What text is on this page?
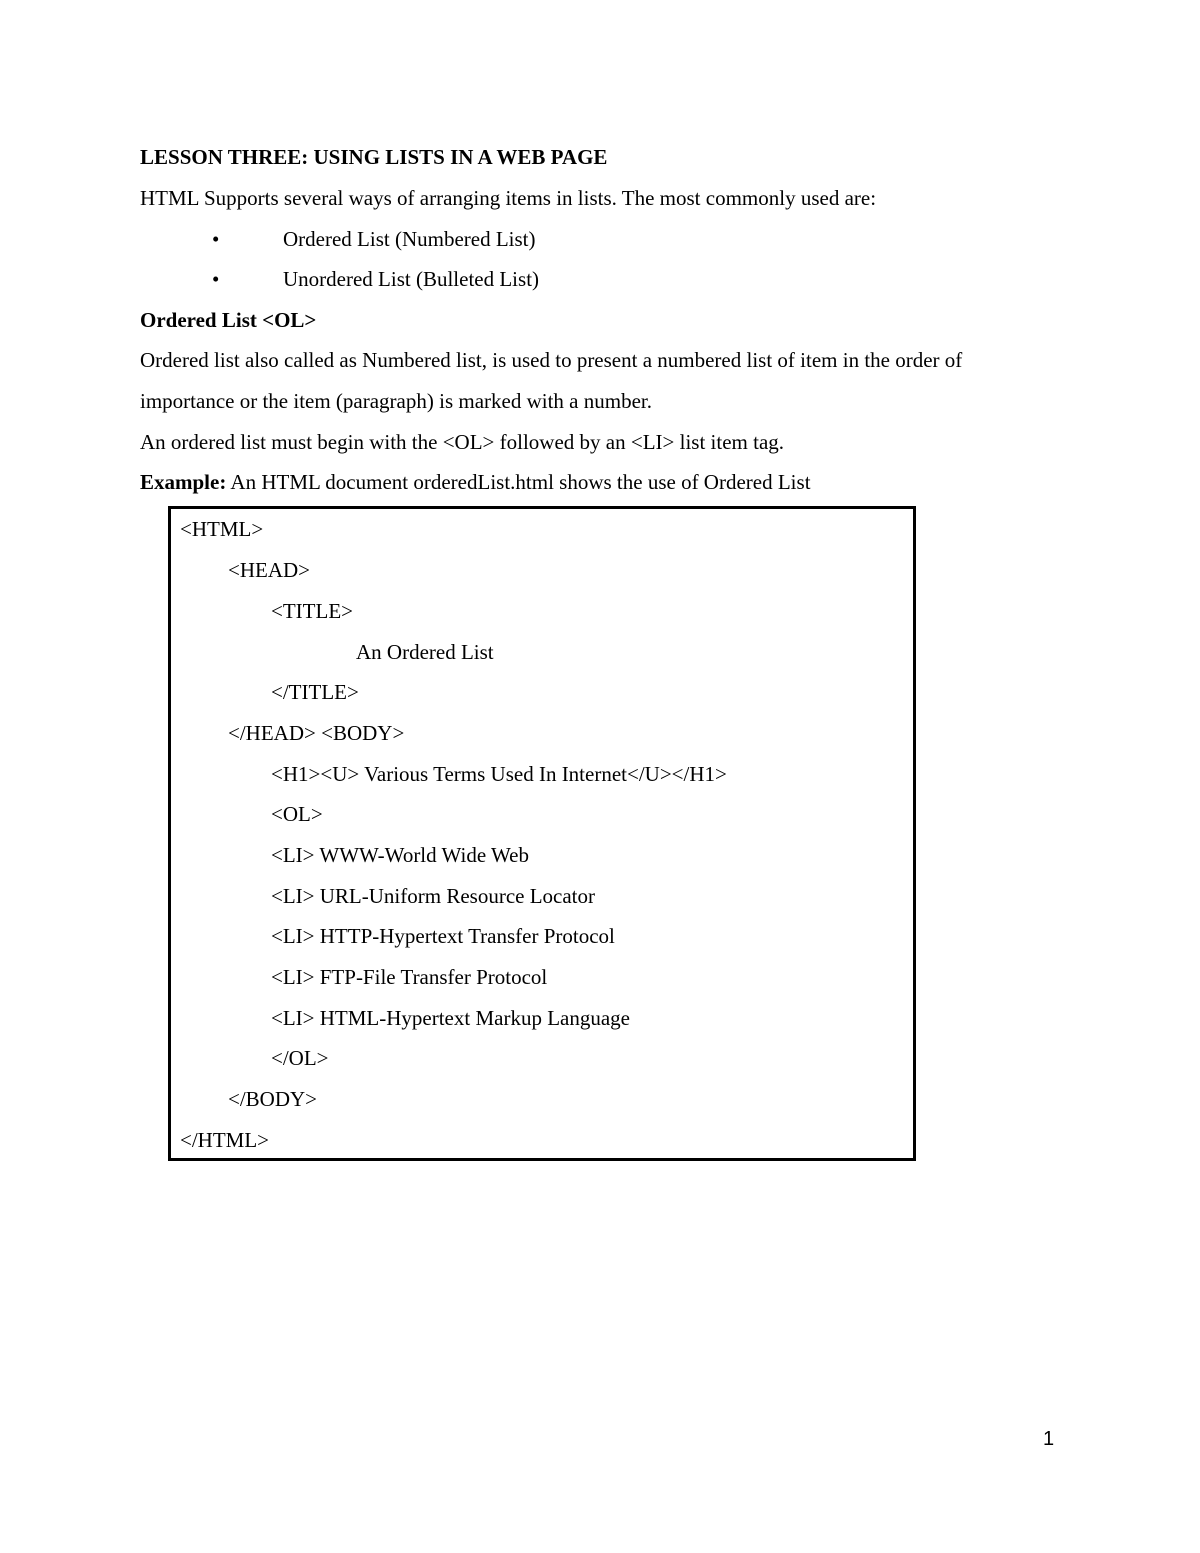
LESSON THREE: USING LISTS IN A WEB PAGE
HTML Supports several ways of arranging items in lists. The most commonly used are:
•	Ordered List (Numbered List)
•	Unordered List (Bulleted List)
Ordered List <OL>
Ordered list also called as Numbered list, is used to present a numbered list of item in the order of
importance or the item (paragraph) is marked with a number.
An ordered list must begin with the <OL> followed by an <LI> list item tag.
Example: An HTML document orderedList.html shows the use of Ordered List
<HTML>
<HEAD>
<TITLE>
An Ordered List
</TITLE>
</HEAD> <BODY>
<H1><U> Various Terms Used In Internet</U></H1>
<OL>
<LI> WWW-World Wide Web
<LI> URL-Uniform Resource Locator
<LI> HTTP-Hypertext Transfer Protocol
<LI> FTP-File Transfer Protocol
<LI> HTML-Hypertext Markup Language
</OL>
</BODY>
</HTML>
1
